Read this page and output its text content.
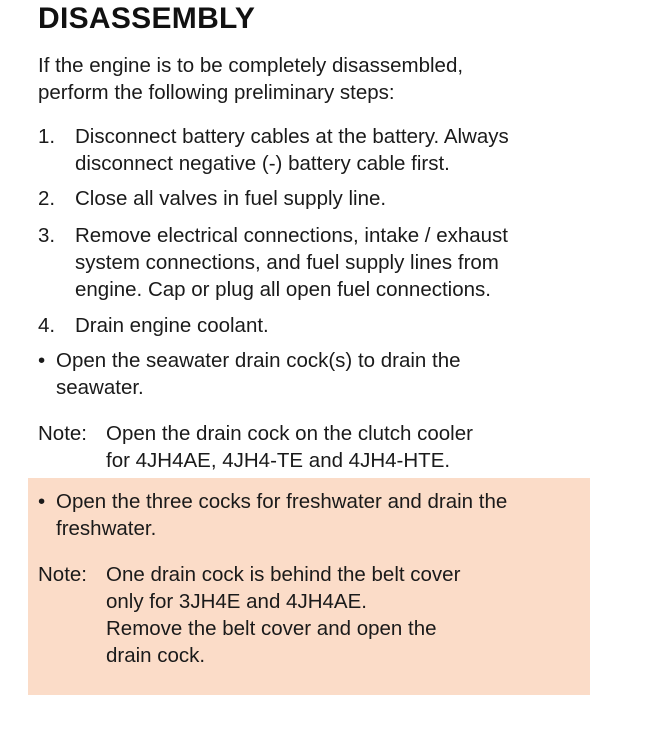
DISASSEMBLY
If the engine is to be completely disassembled,
perform the following preliminary steps:
1. Disconnect battery cables at the battery. Always
disconnect negative (-) battery cable first.
2. Close all valves in fuel supply line.
3. Remove electrical connections, intake / exhaust
system connections, and fuel supply lines from
engine. Cap or plug all open fuel connections.
4. Drain engine coolant.
• Open the seawater drain cock(s) to drain the
seawater.
Note: Open the drain cock on the clutch cooler
for 4JH4AE, 4JH4-TE and 4JH4-HTE.
• Open the three cocks for freshwater and drain the
freshwater.
Note: One drain cock is behind the belt cover
only for 3JH4E and 4JH4AE.
Remove the belt cover and open the
drain cock.
